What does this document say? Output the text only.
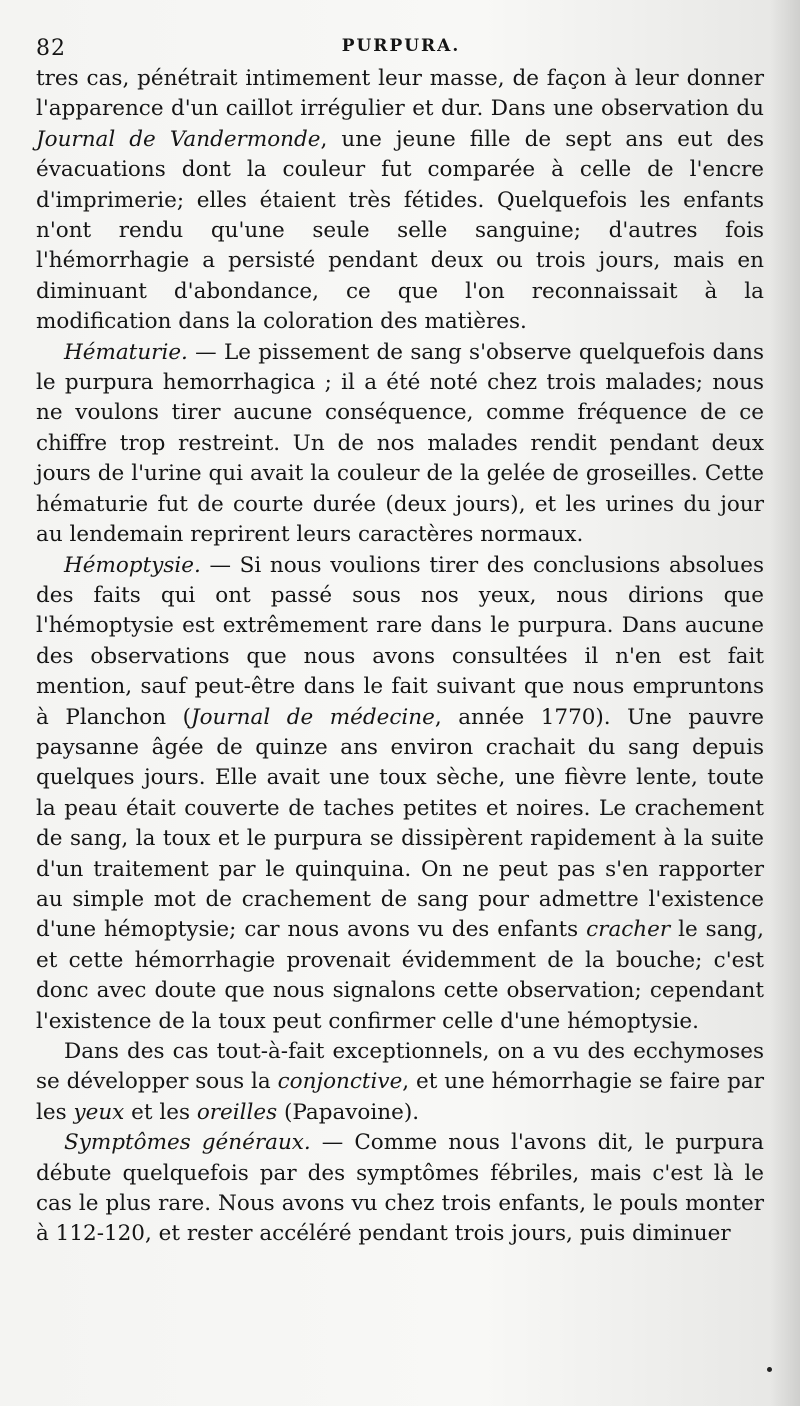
82	PURPURA.

tres cas, pénétrait intimement leur masse, de façon à leur donner l'apparence d'un caillot irrégulier et dur. Dans une observation du Journal de Vandermonde, une jeune fille de sept ans eut des évacuations dont la couleur fut comparée à celle de l'encre d'imprimerie; elles étaient très fétides. Quelquefois les enfants n'ont rendu qu'une seule selle sanguine; d'autres fois l'hémorrhagie a persisté pendant deux ou trois jours, mais en diminuant d'abondance, ce que l'on reconnaissait à la modification dans la coloration des matières.

Hématurie. — Le pissement de sang s'observe quelquefois dans le purpura hemorrhagica ; il a été noté chez trois malades; nous ne voulons tirer aucune conséquence, comme fréquence de ce chiffre trop restreint. Un de nos malades rendit pendant deux jours de l'urine qui avait la couleur de la gelée de groseilles. Cette hématurie fut de courte durée (deux jours), et les urines du jour au lendemain reprirent leurs caractères normaux.

Hémoptysie. — Si nous voulions tirer des conclusions absolues des faits qui ont passé sous nos yeux, nous dirions que l'hémoptysie est extrêmement rare dans le purpura. Dans aucune des observations que nous avons consultées il n'en est fait mention, sauf peut-être dans le fait suivant que nous empruntons à Planchon (Journal de médecine, année 1770). Une pauvre paysanne âgée de quinze ans environ crachait du sang depuis quelques jours. Elle avait une toux sèche, une fièvre lente, toute la peau était couverte de taches petites et noires. Le crachement de sang, la toux et le purpura se dissipèrent rapidement à la suite d'un traitement par le quinquina. On ne peut pas s'en rapporter au simple mot de crachement de sang pour admettre l'existence d'une hémoptysie; car nous avons vu des enfants cracher le sang, et cette hémorrhagie provenait évidemment de la bouche; c'est donc avec doute que nous signalons cette observation; cependant l'existence de la toux peut confirmer celle d'une hémoptysie.

Dans des cas tout-à-fait exceptionnels, on a vu des ecchymoses se développer sous la conjonctive, et une hémorrhagie se faire par les yeux et les oreilles (Papavoine).

Symptômes généraux. — Comme nous l'avons dit, le purpura débute quelquefois par des symptômes fébriles, mais c'est là le cas le plus rare. Nous avons vu chez trois enfants, le pouls monter à 112-120, et rester accéléré pendant trois jours, puis diminuer
